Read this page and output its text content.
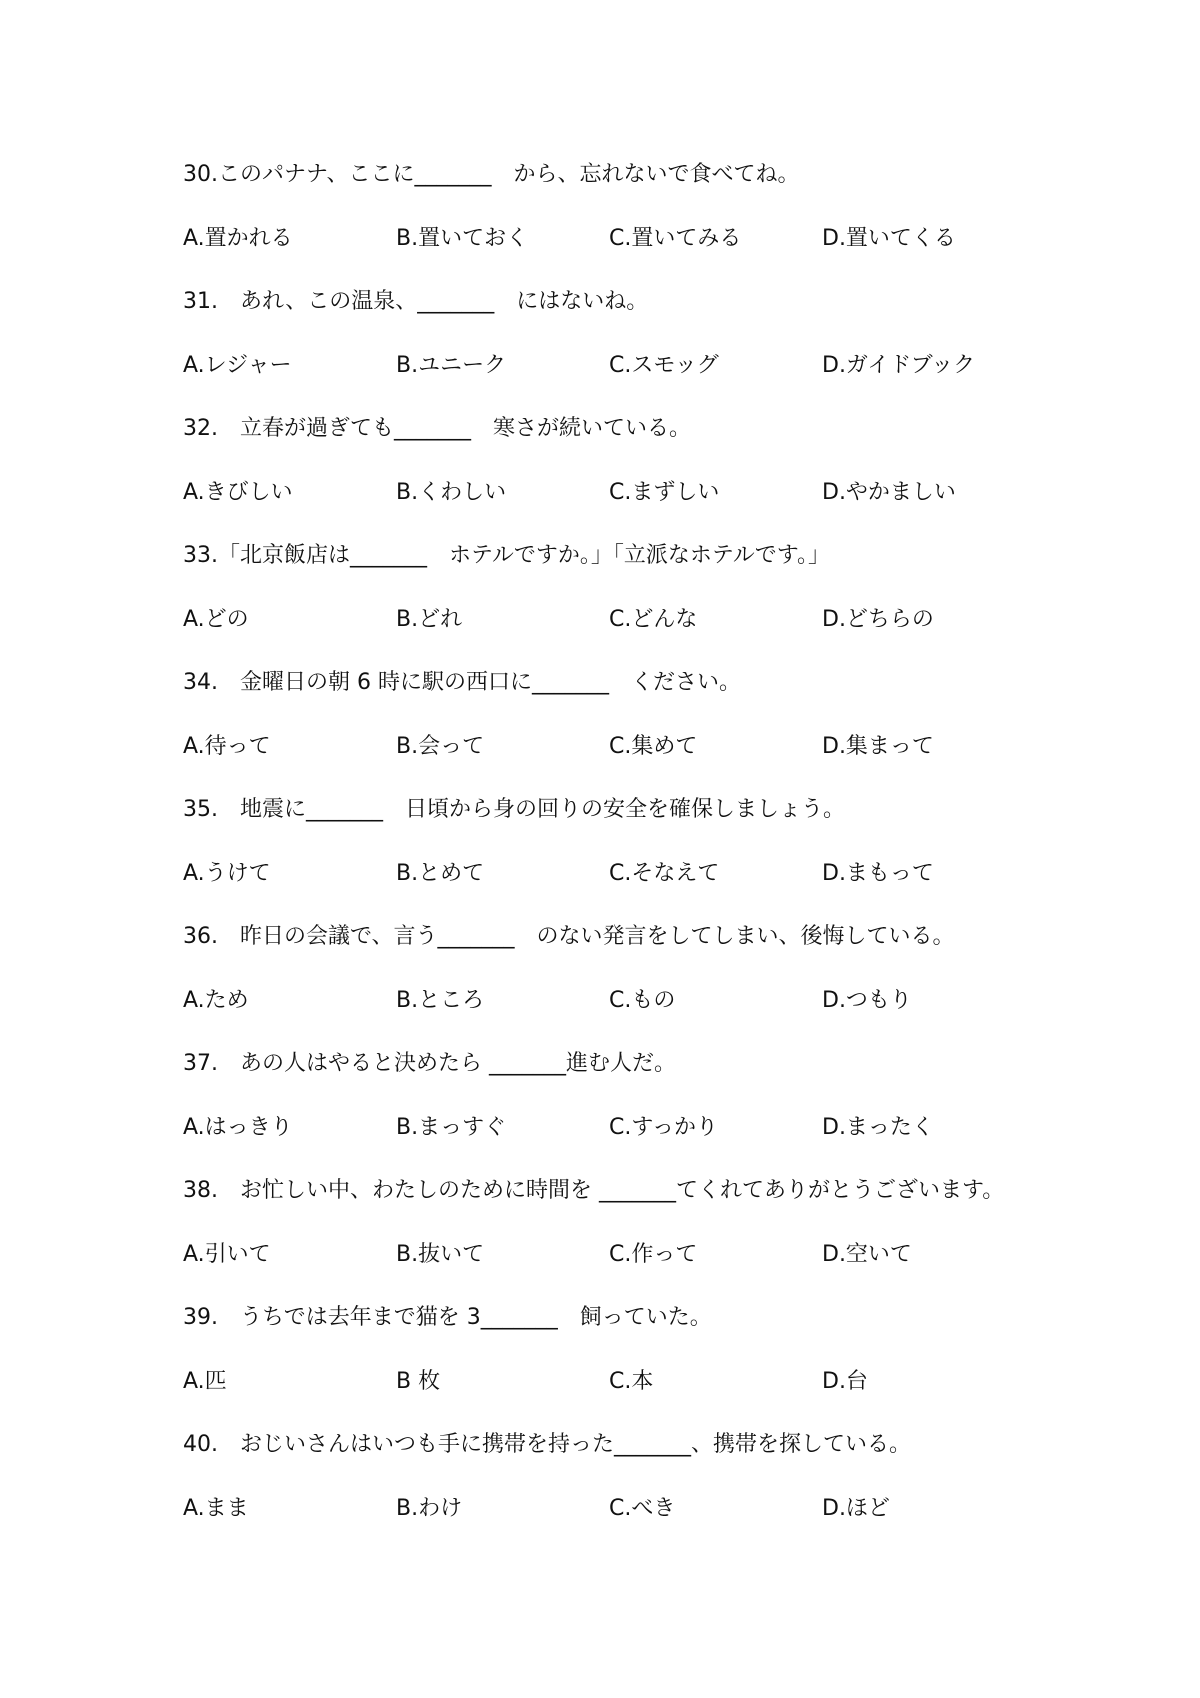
30.このパナナ、ここに_______　から、忘れないで食べてね。
A.置かれる	B.置いておく	C.置いてみる	D.置いてくる
31.　あれ、この温泉、_______　にはないね。
A.レジャー	B.ユニーク	C.スモッグ	D.ガイドブック
32.　立春が過ぎても_______　寒さが続いている。
A.きびしい	B.くわしい	C.まずしい	D.やかましい
33.「北京飯店は_______　ホテルですか。」「立派なホテルです。」
A.どの	B.どれ	C.どんな	D.どちらの
34.　金曜日の朝 6 時に駅の西口に_______　ください。
A.待って	B.会って	C.集めて	D.集まって
35.　地震に_______　日頃から身の回りの安全を確保しましょう。
A.うけて	B.とめて	C.そなえて	D.まもって
36.　昨日の会議で、言う_______　のない発言をしてしまい、後悔している。
A.ため	B.ところ	C.もの	D.つもり
37.　あの人はやると決めたら _______進む人だ。
A.はっきり	B.まっすぐ	C.すっかり	D.まったく
38.　お忙しい中、わたしのために時間を _______てくれてありがとうございます。
A.引いて	B.抜いて	C.作って	D.空いて
39.　うちでは去年まで猫を 3_______　飼っていた。
A.匹	B 枚	C.本	D.台
40.　おじいさんはいつも手に携帯を持った_______、携帯を探している。
A.まま	B.わけ	C.べき	D.ほど
